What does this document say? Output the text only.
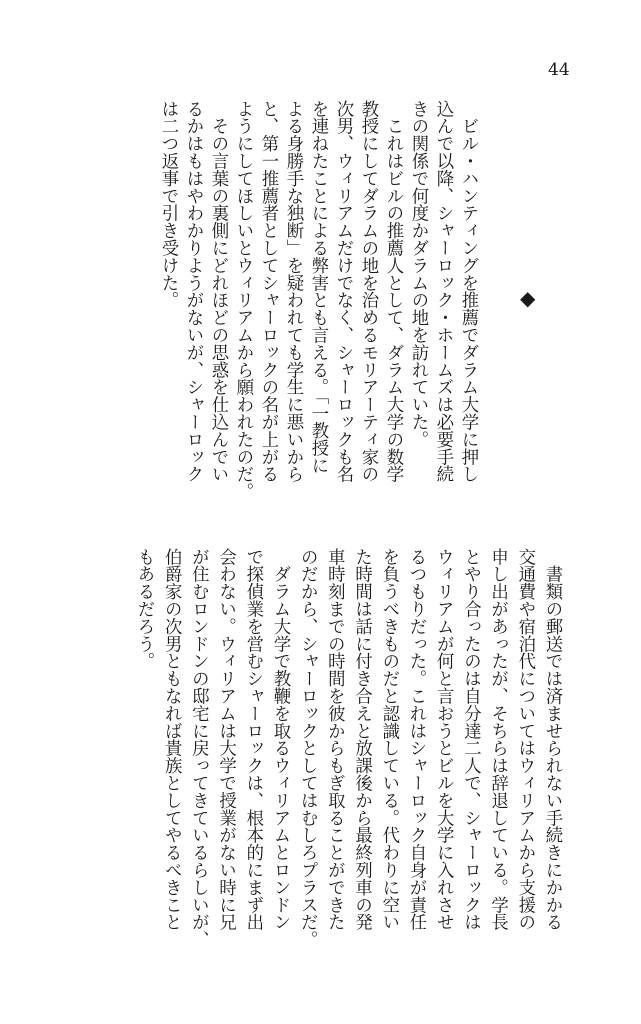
44
　ビル・ハンティングを推薦でダラム大学に押し
込んで以降、シャーロック・ホームズは必要手続
きの関係で何度かダラムの地を訪れていた。
　これはビルの推薦人として、ダラム大学の数学
教授にしてダラムの地を治めるモリアーティ家の
次男、ウィリアムだけでなく、シャーロックも名
を連ねたことによる弊害とも言える。「一教授に
よる身勝手な独断」を疑われても学生に悪いから
と、第一推薦者としてシャーロックの名が上がる
ようにしてほしいとウィリアムから願われたのだ。
　その言葉の裏側にどれほどの思惑を仕込んでい
るかはもはやわかりようがないが、シャーロック
は二つ返事で引き受けた。	◆
　書類の郵送では済ませられない手続きにかかる
交通費や宿泊代についてはウィリアムから支援の
申し出があったが、そちらは辞退している。学長
とやり合ったのは自分達二人で、シャーロックは
ウィリアムが何と言おうとビルを大学に入れさせ
るつもりだった。これはシャーロック自身が責任
を負うべきものだと認識している。代わりに空い
た時間は話に付き合えと放課後から最終列車の発
車時刻までの時間を彼からもぎ取ることができた
のだから、シャーロックとしてはむしろプラスだ。
　ダラム大学で教鞭を取るウィリアムとロンドン
で探偵業を営むシャーロックは、根本的にまず出
会わない。ウィリアムは大学で授業がない時に兄
が住むロンドンの邸宅に戻ってきているらしいが、
伯爵家の次男ともなれば貴族としてやるべきこと
もあるだろう。
